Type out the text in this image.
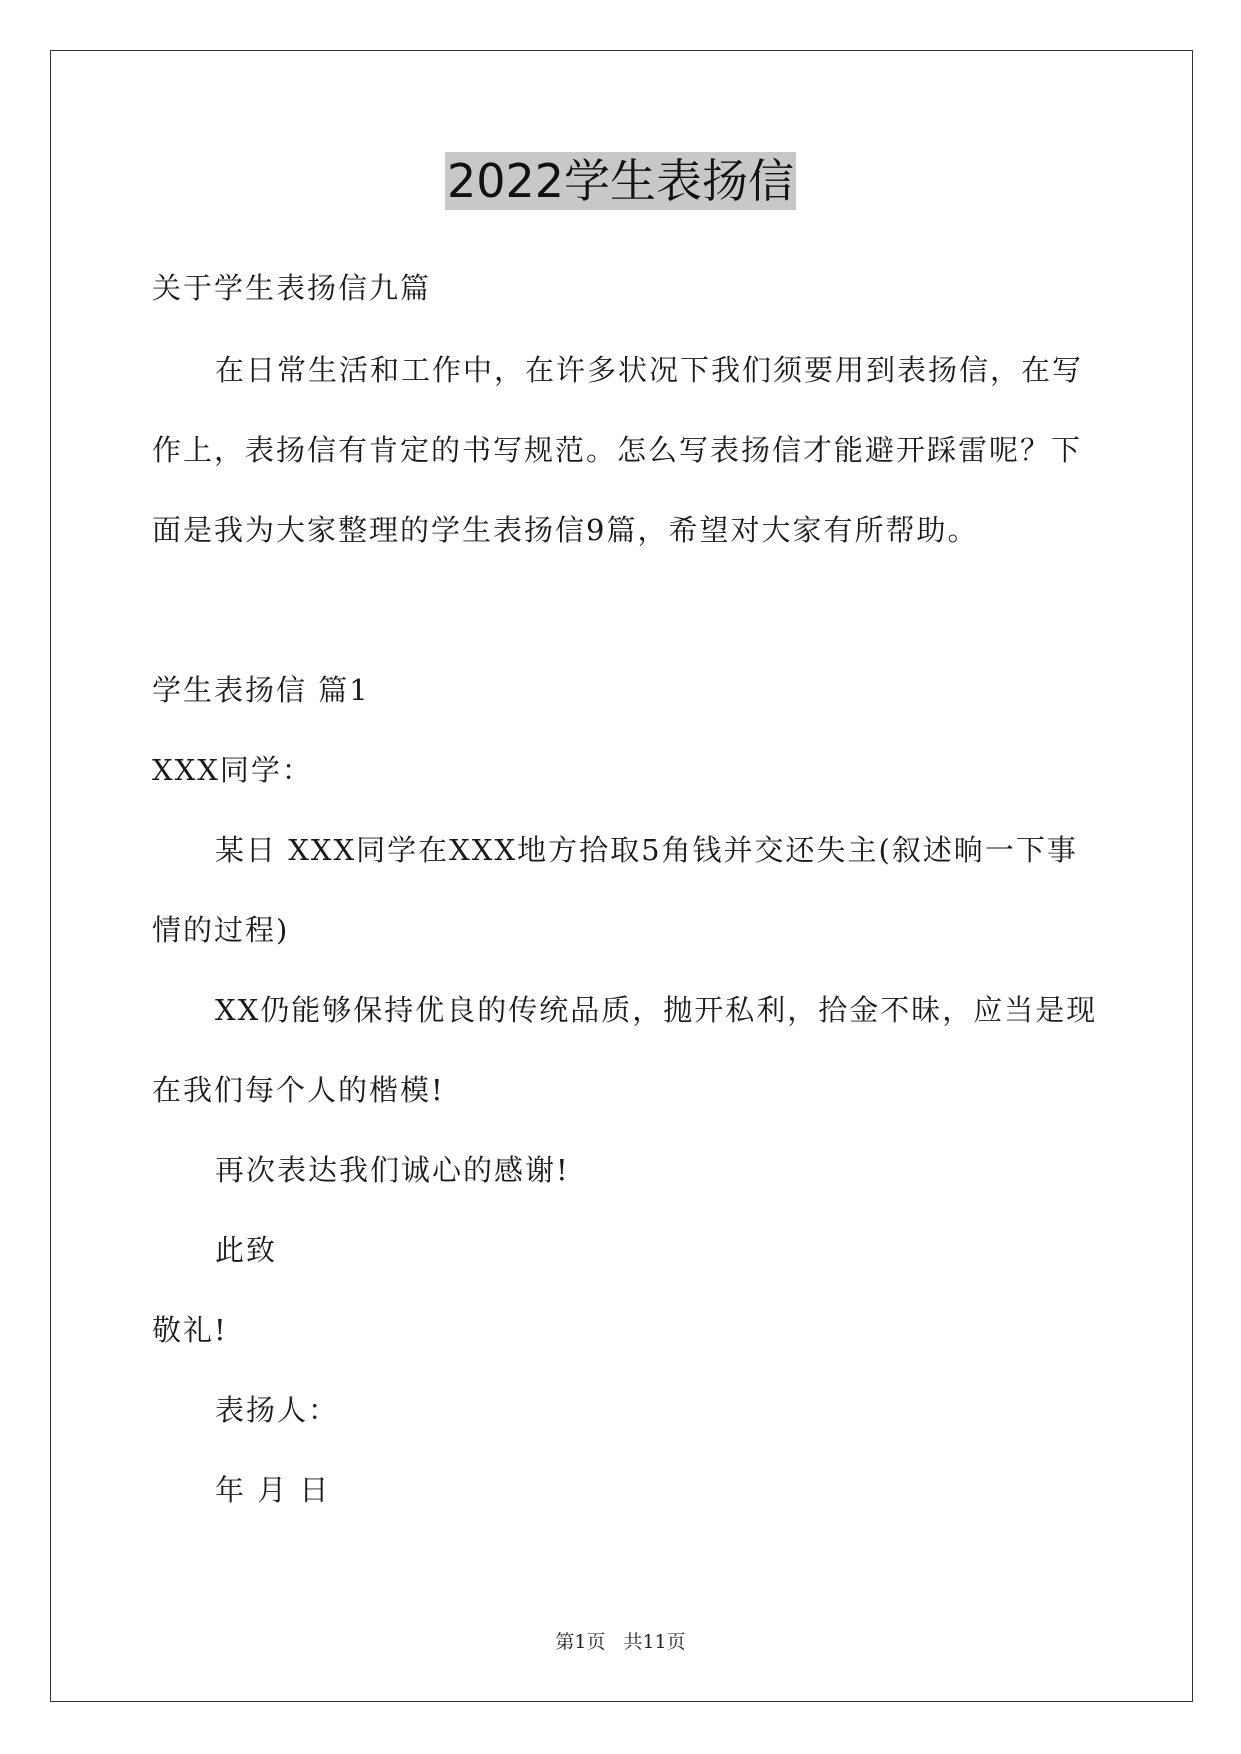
2022学生表扬信
关于学生表扬信九篇
在日常生活和工作中，在许多状况下我们须要用到表扬信，在写
作上，表扬信有肯定的书写规范。怎么写表扬信才能避开踩雷呢？下
面是我为大家整理的学生表扬信9篇，希望对大家有所帮助。
学生表扬信 篇1
XXX同学：
某日 XXX同学在XXX地方拾取5角钱并交还失主(叙述晌一下事
情的过程)
XX仍能够保持优良的传统品质，抛开私利，拾金不昧，应当是现
在我们每个人的楷模!
再次表达我们诚心的感谢!
此致
敬礼!
表扬人：
年 月 日
第1页 共11页
